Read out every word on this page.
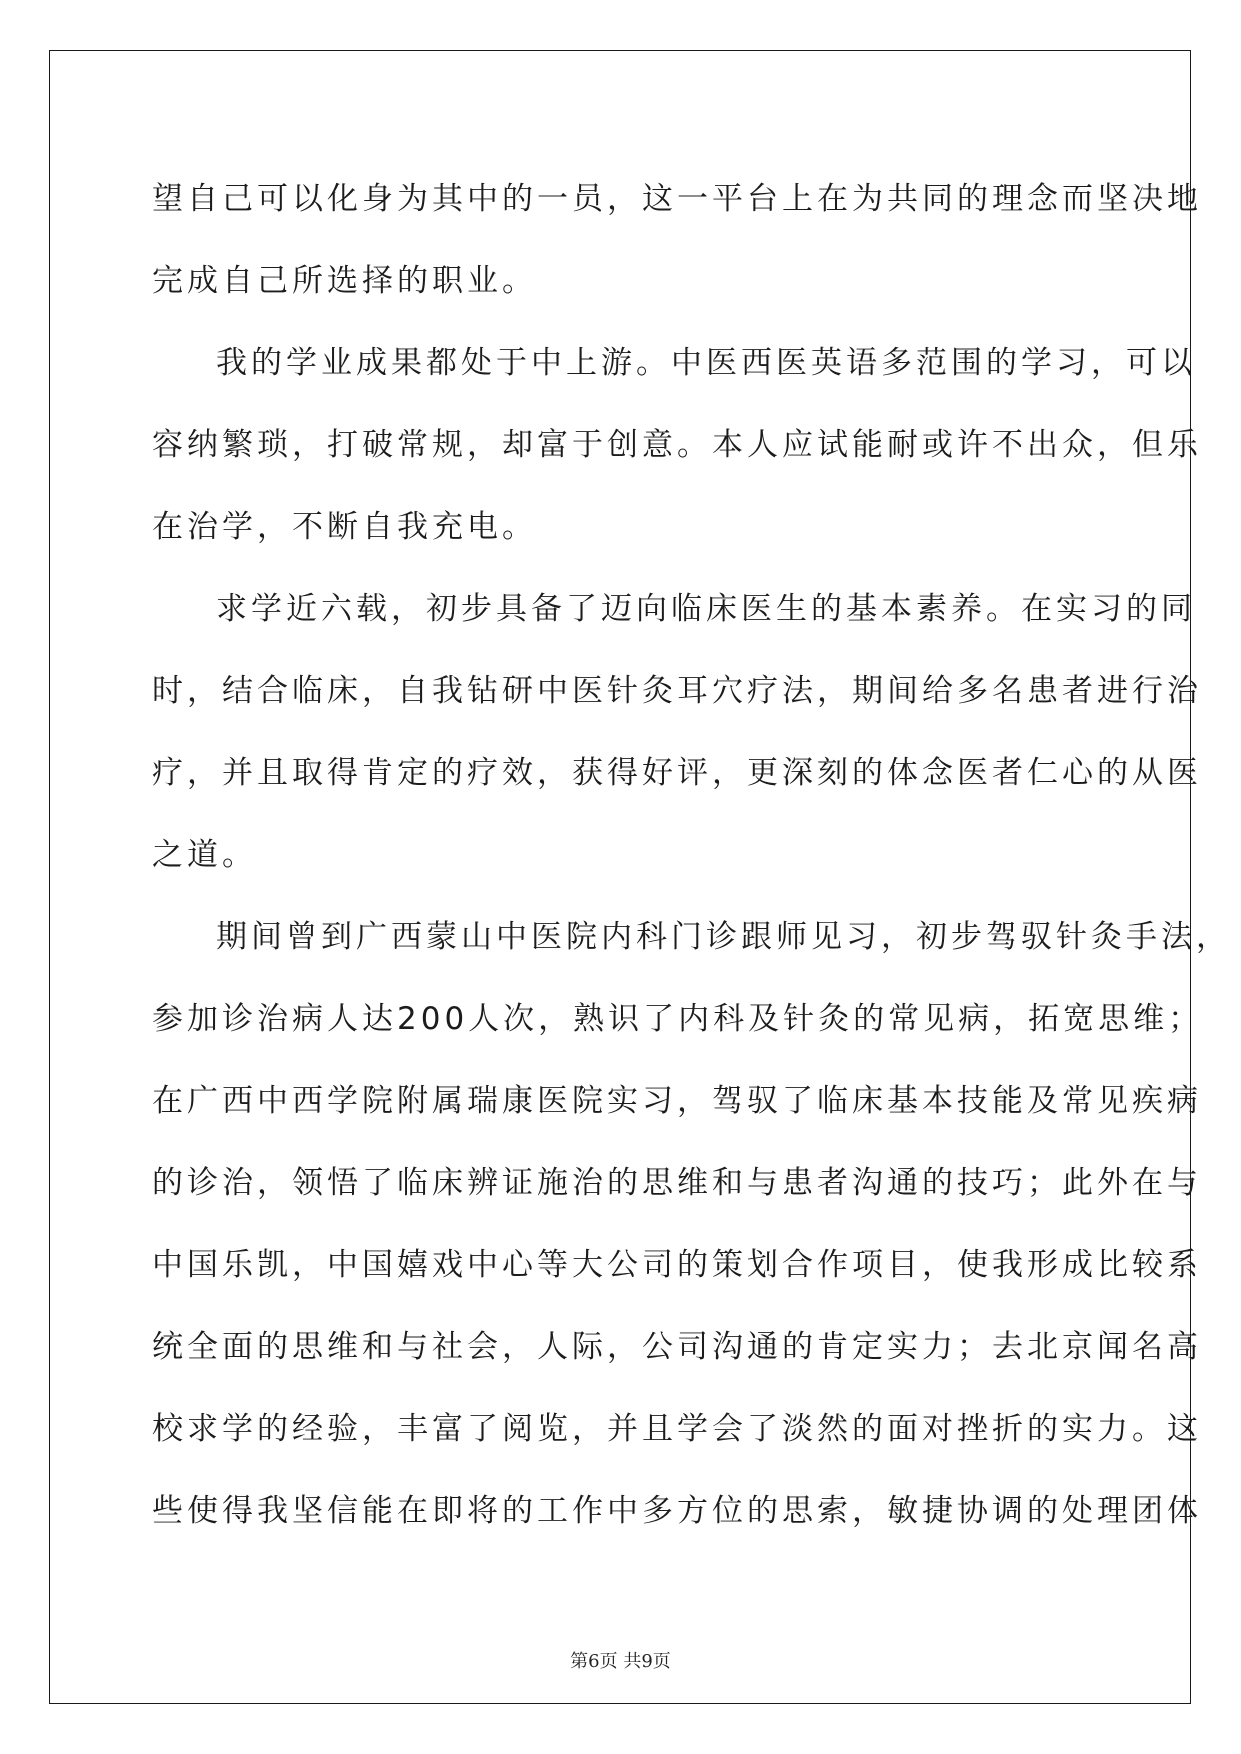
望自己可以化身为其中的一员，这一平台上在为共同的理念而坚决地
完成自己所选择的职业。
我的学业成果都处于中上游。中医西医英语多范围的学习，可以
容纳繁琐，打破常规，却富于创意。本人应试能耐或许不出众，但乐
在治学，不断自我充电。
求学近六载，初步具备了迈向临床医生的基本素养。在实习的同
时，结合临床，自我钻研中医针灸耳穴疗法，期间给多名患者进行治
疗，并且取得肯定的疗效，获得好评，更深刻的体念医者仁心的从医
之道。
期间曾到广西蒙山中医院内科门诊跟师见习，初步驾驭针灸手法，
参加诊治病人达200人次，熟识了内科及针灸的常见病，拓宽思维；
在广西中西学院附属瑞康医院实习，驾驭了临床基本技能及常见疾病
的诊治，领悟了临床辨证施治的思维和与患者沟通的技巧；此外在与
中国乐凯，中国嬉戏中心等大公司的策划合作项目，使我形成比较系
统全面的思维和与社会，人际，公司沟通的肯定实力；去北京闻名高
校求学的经验，丰富了阅览，并且学会了淡然的面对挫折的实力。这
些使得我坚信能在即将的工作中多方位的思索，敏捷协调的处理团体
第6页 共9页
